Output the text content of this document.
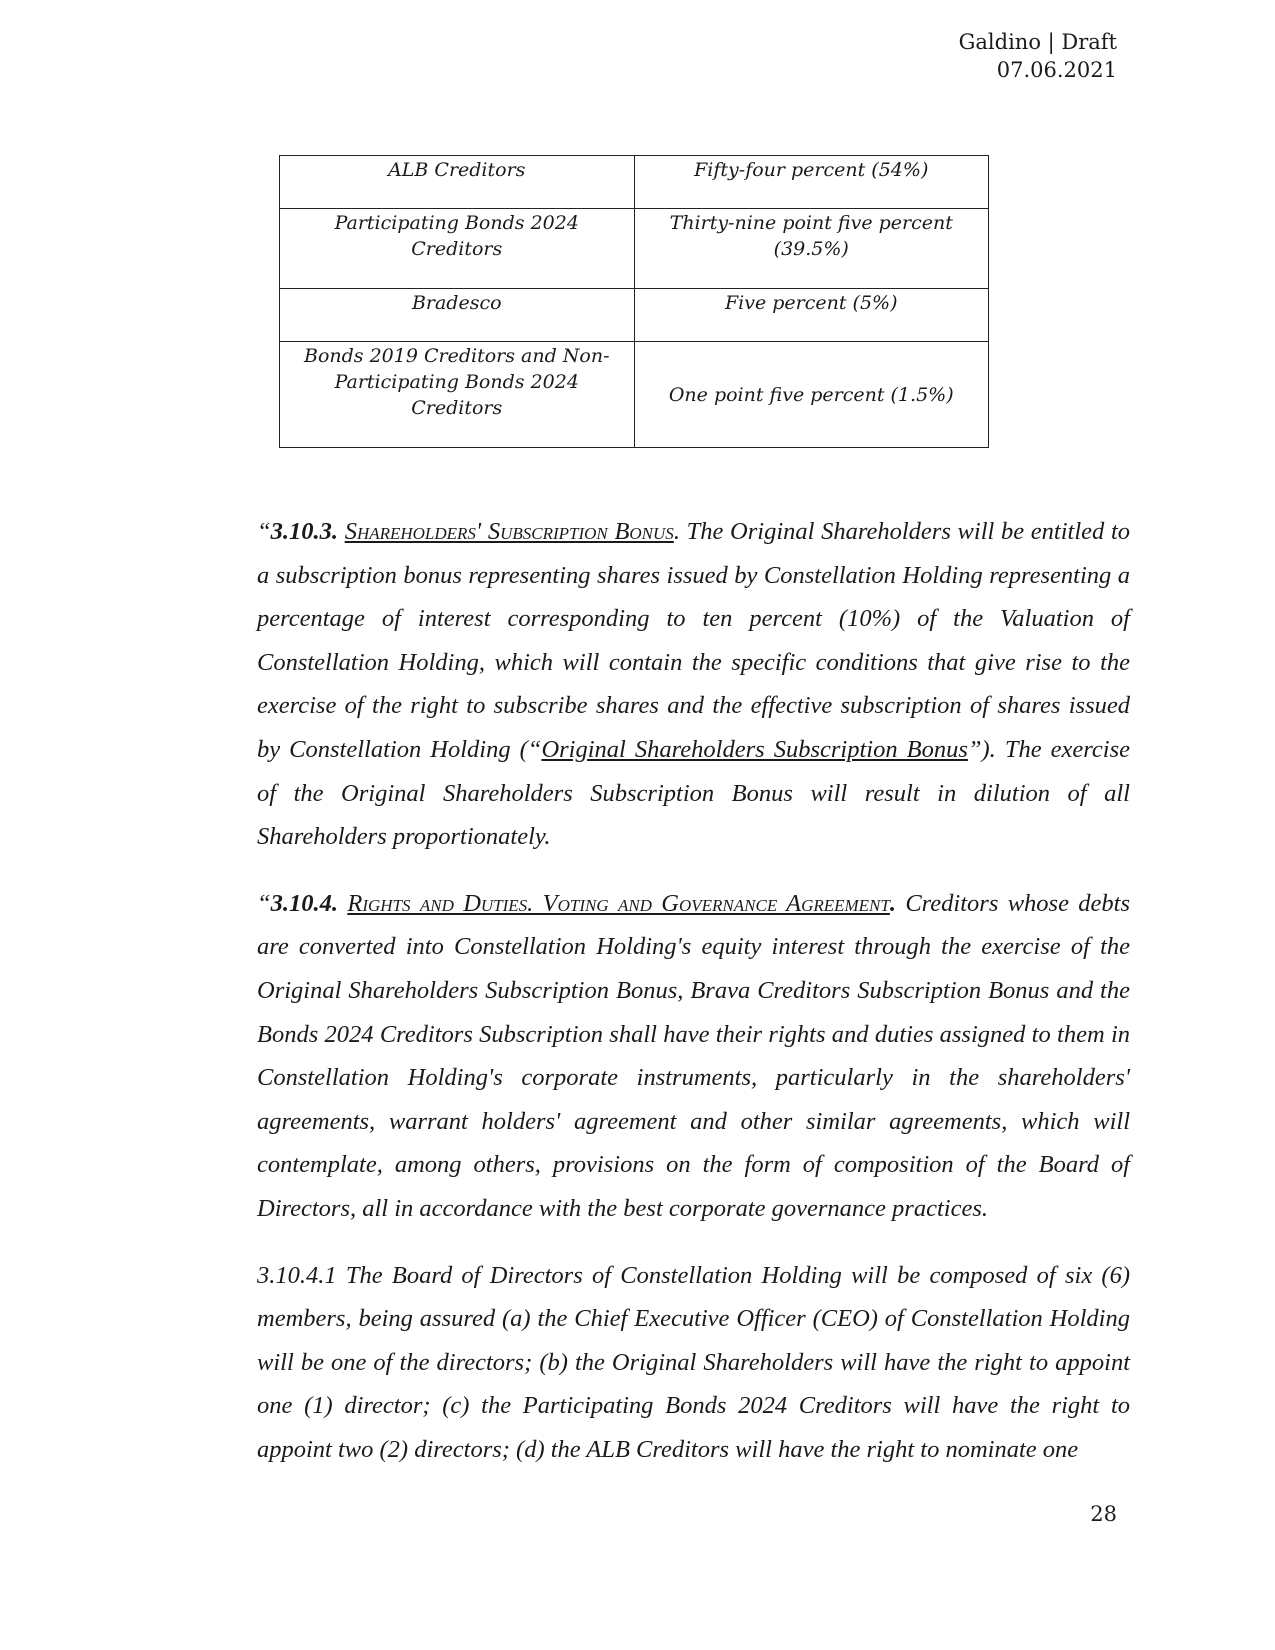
Galdino | Draft
07.06.2021
ALB Creditors	Fifty-four percent (54%)
Participating Bonds 2024 Creditors	Thirty-nine point five percent (39.5%)
Bradesco	Five percent (5%)
Bonds 2019 Creditors and Non-Participating Bonds 2024 Creditors	One point five percent (1.5%)

“3.10.3. Shareholders' Subscription Bonus. The Original Shareholders will be entitled to a subscription bonus representing shares issued by Constellation Holding representing a percentage of interest corresponding to ten percent (10%) of the Valuation of Constellation Holding, which will contain the specific conditions that give rise to the exercise of the right to subscribe shares and the effective subscription of shares issued by Constellation Holding (“Original Shareholders Subscription Bonus”). The exercise of the Original Shareholders Subscription Bonus will result in dilution of all Shareholders proportionately.

“3.10.4. Rights and Duties. Voting and Governance Agreement. Creditors whose debts are converted into Constellation Holding's equity interest through the exercise of the Original Shareholders Subscription Bonus, Brava Creditors Subscription Bonus and the Bonds 2024 Creditors Subscription shall have their rights and duties assigned to them in Constellation Holding's corporate instruments, particularly in the shareholders' agreements, warrant holders' agreement and other similar agreements, which will contemplate, among others, provisions on the form of composition of the Board of Directors, all in accordance with the best corporate governance practices.

3.10.4.1 The Board of Directors of Constellation Holding will be composed of six (6) members, being assured (a) the Chief Executive Officer (CEO) of Constellation Holding will be one of the directors; (b) the Original Shareholders will have the right to appoint one (1) director; (c) the Participating Bonds 2024 Creditors will have the right to appoint two (2) directors; (d) the ALB Creditors will have the right to nominate one

28
